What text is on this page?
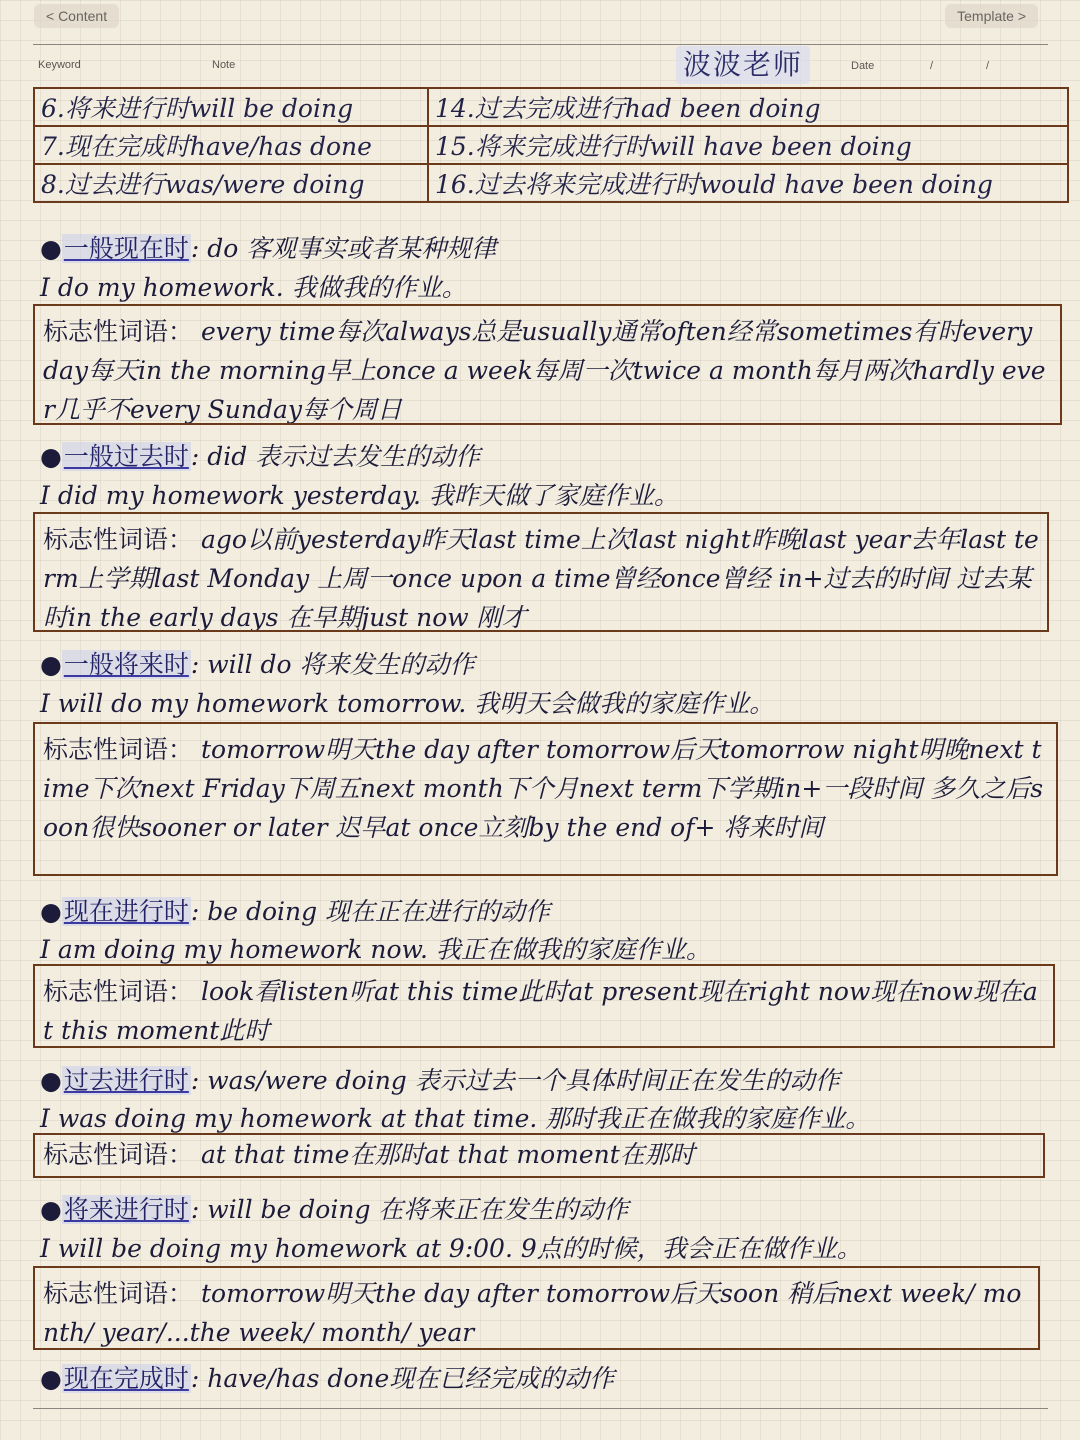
< Content	Template >
Keyword	Note	波波老师	Date	/	/
6.将来进行时will be doing	14.过去完成进行had been doing
7.现在完成时have/has done	15.将来完成进行时will have been doing
8.过去进行was/were doing	16.过去将来完成进行时would have been doing
●一般现在时: do 客观事实或者某种规律
I do my homework. 我做我的作业。
标志性词语： every time每次always总是usually通常often经常sometimes有时every day每天in the morning早上once a week每周一次twice a month每月两次hardly ever几乎不every Sunday每个周日
●一般过去时: did 表示过去发生的动作
I did my homework yesterday. 我昨天做了家庭作业。
标志性词语： ago以前yesterday昨天last time上次last night昨晚last year去年last term上学期last Monday 上周一once upon a time曾经once曾经 in+过去的时间 过去某时in the early days 在早期just now 刚才
●一般将来时: will do 将来发生的动作
I will do my homework tomorrow. 我明天会做我的家庭作业。
标志性词语： tomorrow明天the day after tomorrow后天tomorrow night明晚next time下次next Friday下周五next month下个月next term下学期in+一段时间 多久之后soon很快sooner or later 迟早at once立刻by the end of+ 将来时间
●现在进行时: be doing 现在正在进行的动作
I am doing my homework now. 我正在做我的家庭作业。
标志性词语： look看listen听at this time此时at present现在right now现在now现在at this moment此时
●过去进行时: was/were doing 表示过去一个具体时间正在发生的动作
I was doing my homework at that time. 那时我正在做我的家庭作业。
标志性词语： at that time在那时at that moment在那时
●将来进行时: will be doing 在将来正在发生的动作
I will be doing my homework at 9:00. 9点的时候，我会正在做作业。
标志性词语： tomorrow明天the day after tomorrow后天soon 稍后next week/ month/ year/...the week/ month/ year
●现在完成时: have/has done现在已经完成的动作
